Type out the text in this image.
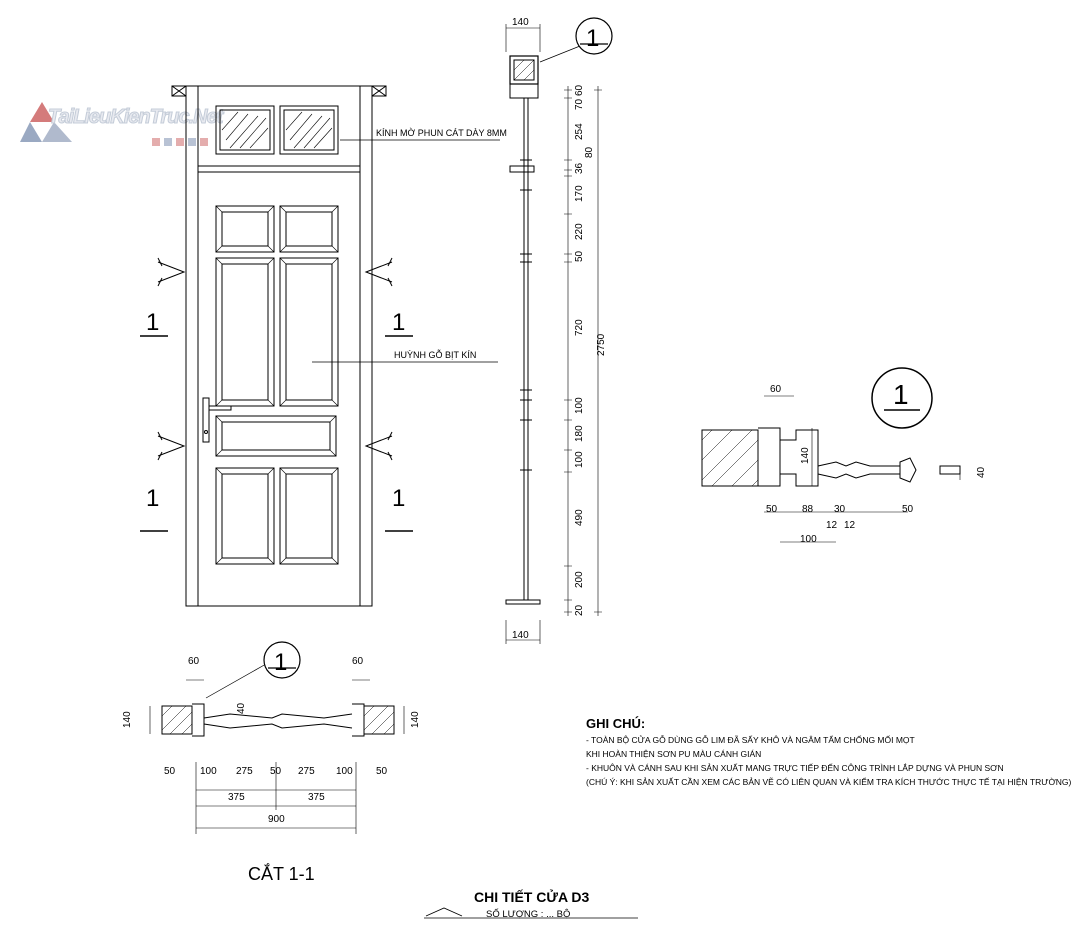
TaiLieuKienTruc.Net
KÍNH MỜ PHUN CÁT DÀY 8MM
HUỲNH GỖ BỊT KÍN
1	1
1	1
1
1
1
140
140
60
70
254
80
36
170
220
50
720
100
180
100
490
200
20
2750
60
140
50 88 30
12 12
50
100
40
60	60
140	140
40
50 100 275 50 275 100 50
375	375
900
CẮT 1-1
GHI CHÚ:
- TOÀN BỘ CỬA GỖ DÙNG GỖ LIM ĐÃ SẤY KHÔ VÀ NGÂM TẨM CHỐNG MỐI MỌT
KHI HOÀN THIỆN SƠN PU MÀU CÁNH GIÁN
- KHUÔN VÀ CÁNH SAU KHI SẢN XUẤT MANG TRỰC TIẾP ĐẾN CÔNG TRÌNH LẮP DỰNG VÀ PHUN SƠN
(CHÚ Ý: KHI SẢN XUẤT CẦN XEM CÁC BẢN VẼ CÓ LIÊN QUAN VÀ KIỂM TRA KÍCH THƯỚC THỰC TẾ TẠI HIỆN TRƯỜNG)
CHI TIẾT CỬA D3
SỐ LƯỢNG : ... BỘ
